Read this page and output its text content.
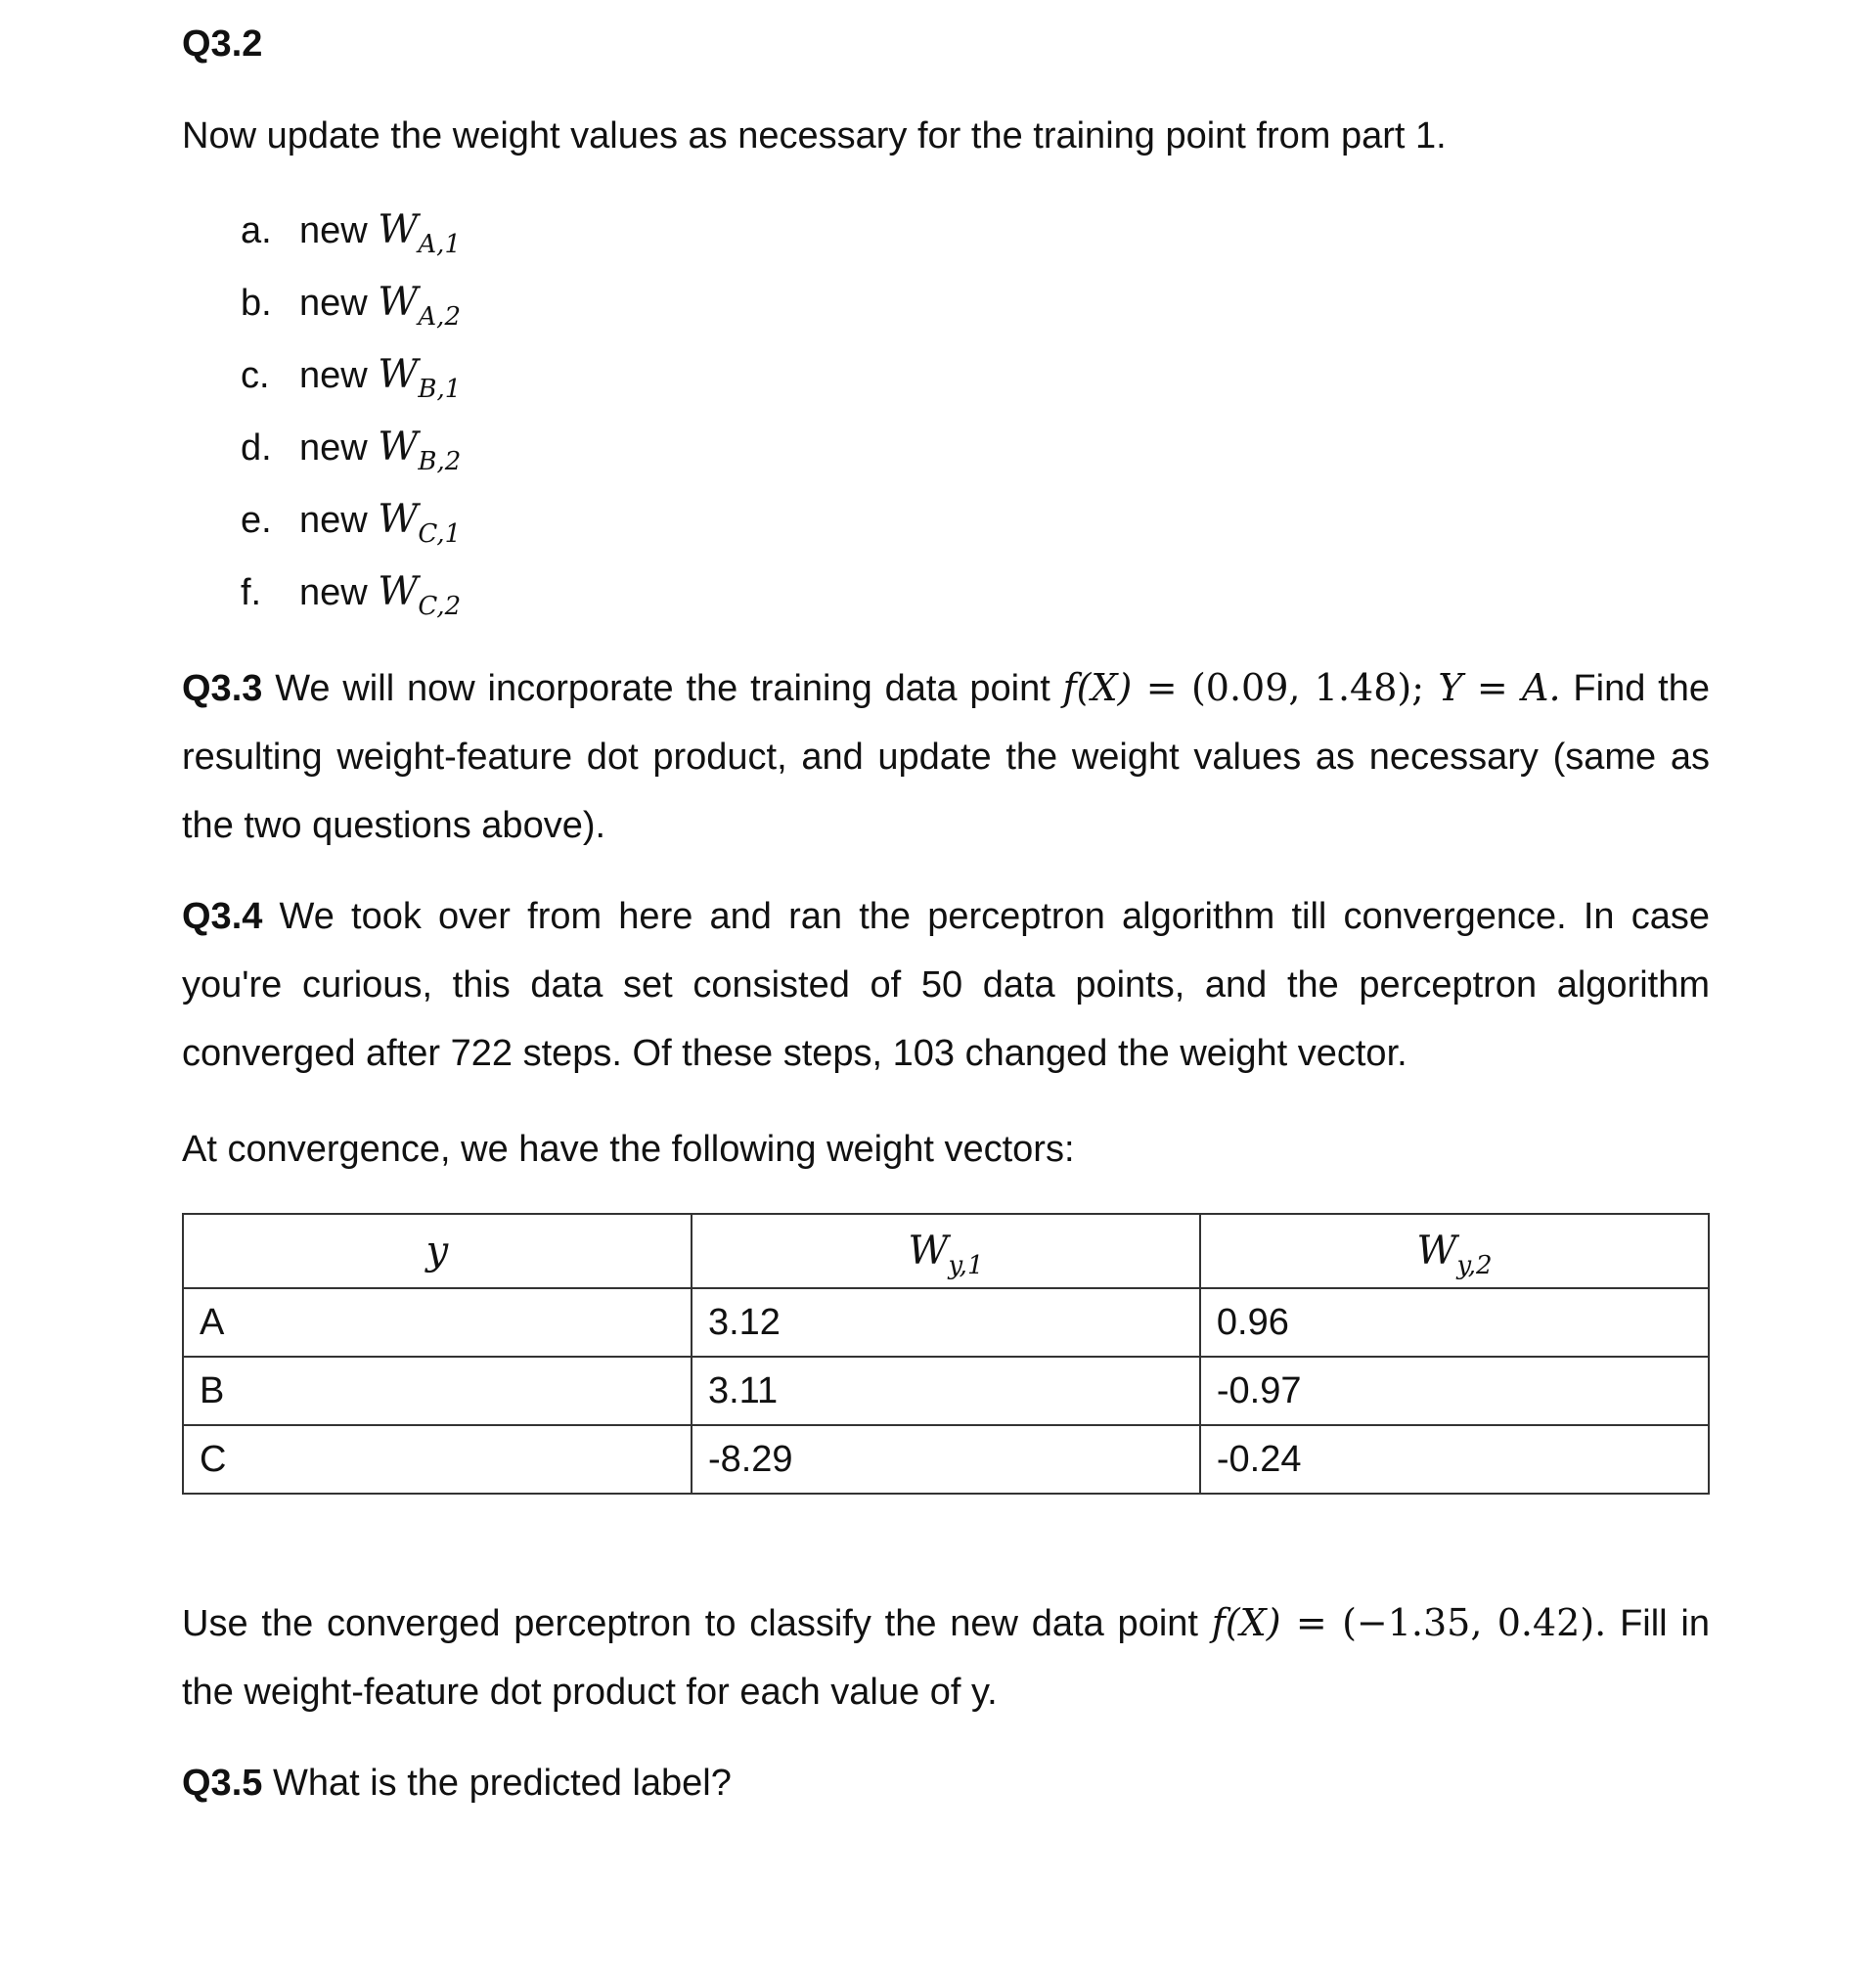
Q3.2
Now update the weight values as necessary for the training point from part 1.
a. new $W_{A,1}$
b. new $W_{A,2}$
c. new $W_{B,1}$
d. new $W_{B,2}$
e. new $W_{C,1}$
f. new $W_{C,2}$
Q3.3 We will now incorporate the training data point f(X) = (0.09, 1.48); Y = A. Find the resulting weight-feature dot product, and update the weight values as necessary (same as the two questions above).
Q3.4 We took over from here and ran the perceptron algorithm till convergence. In case you're curious, this data set consisted of 50 data points, and the perceptron algorithm converged after 722 steps. Of these steps, 103 changed the weight vector.
At convergence, we have the following weight vectors:
y	$W_{y,1}$	$W_{y,2}$
A	3.12	0.96
B	3.11	-0.97
C	-8.29	-0.24
Use the converged perceptron to classify the new data point f(X) = (−1.35, 0.42). Fill in the weight-feature dot product for each value of y.
Q3.5 What is the predicted label?
